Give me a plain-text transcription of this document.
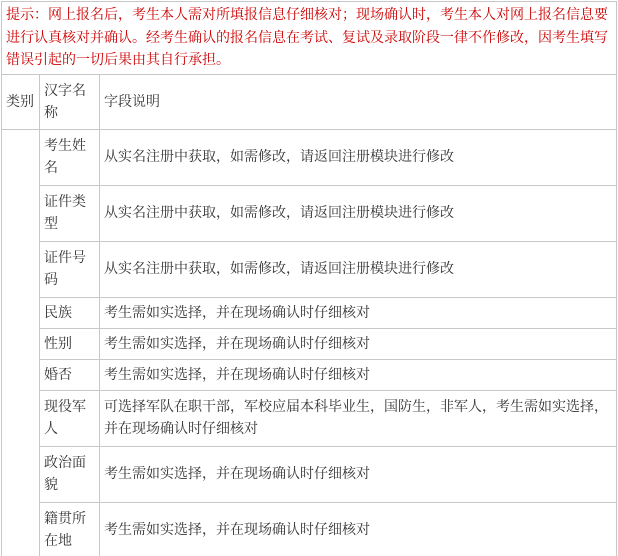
提示：网上报名后，考生本人需对所填报信息仔细核对；现场确认时，考生本人对网上报名信息要进行认真核对并确认。经考生确认的报名信息在考试、复试及录取阶段一律不作修改，因考生填写错误引起的一切后果由其自行承担。		
类别	汉字名称	字段说明
	考生姓名	从实名注册中获取，如需修改，请返回注册模块进行修改
	证件类型	从实名注册中获取，如需修改，请返回注册模块进行修改
	证件号码	从实名注册中获取，如需修改，请返回注册模块进行修改
	民族	考生需如实选择，并在现场确认时仔细核对
	性别	考生需如实选择，并在现场确认时仔细核对
	婚否	考生需如实选择，并在现场确认时仔细核对
	现役军人	可选择军队在职干部，军校应届本科毕业生，国防生，非军人，考生需如实选择，并在现场确认时仔细核对
	政治面貌	考生需如实选择，并在现场确认时仔细核对
	籍贯所在地	考生需如实选择，并在现场确认时仔细核对
